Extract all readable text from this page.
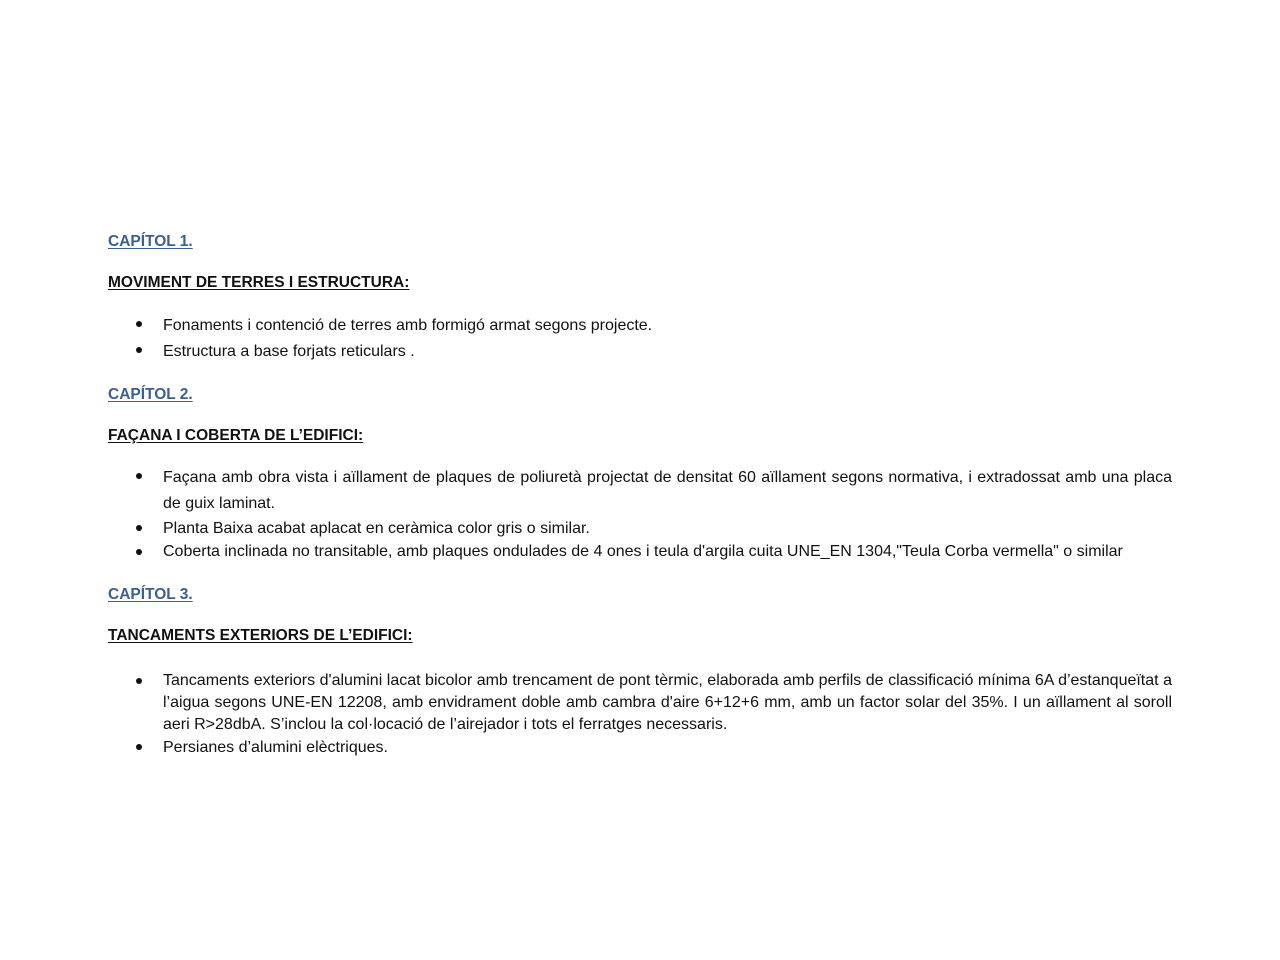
CAPÍTOL 1.
MOVIMENT DE TERRES I ESTRUCTURA:
Fonaments i contenció de terres amb formigó armat segons projecte.
Estructura a base forjats reticulars .
CAPÍTOL 2.
FAÇANA I COBERTA DE L’EDIFICI:
Façana amb obra vista i aïllament de plaques de poliuretà projectat de densitat 60 aïllament segons normativa, i extradossat amb una placa de guix laminat.
Planta Baixa acabat aplacat en ceràmica color gris o similar.
Coberta inclinada no transitable, amb plaques ondulades de 4 ones i teula d'argila cuita UNE_EN 1304,"Teula Corba vermella" o similar
CAPÍTOL 3.
TANCAMENTS EXTERIORS DE L’EDIFICI:
Tancaments exteriors d'alumini lacat bicolor amb trencament de pont tèrmic, elaborada amb perfils de classificació mínima 6A d’estanqueïtat a l’aigua segons UNE-EN 12208, amb envidrament doble amb cambra d'aire 6+12+6 mm, amb un factor solar del 35%. I un aïllament al soroll aeri R>28dbA. S’inclou la col·locació de l’airejador i tots el ferratges necessaris.
Persianes d’alumini elèctriques.
